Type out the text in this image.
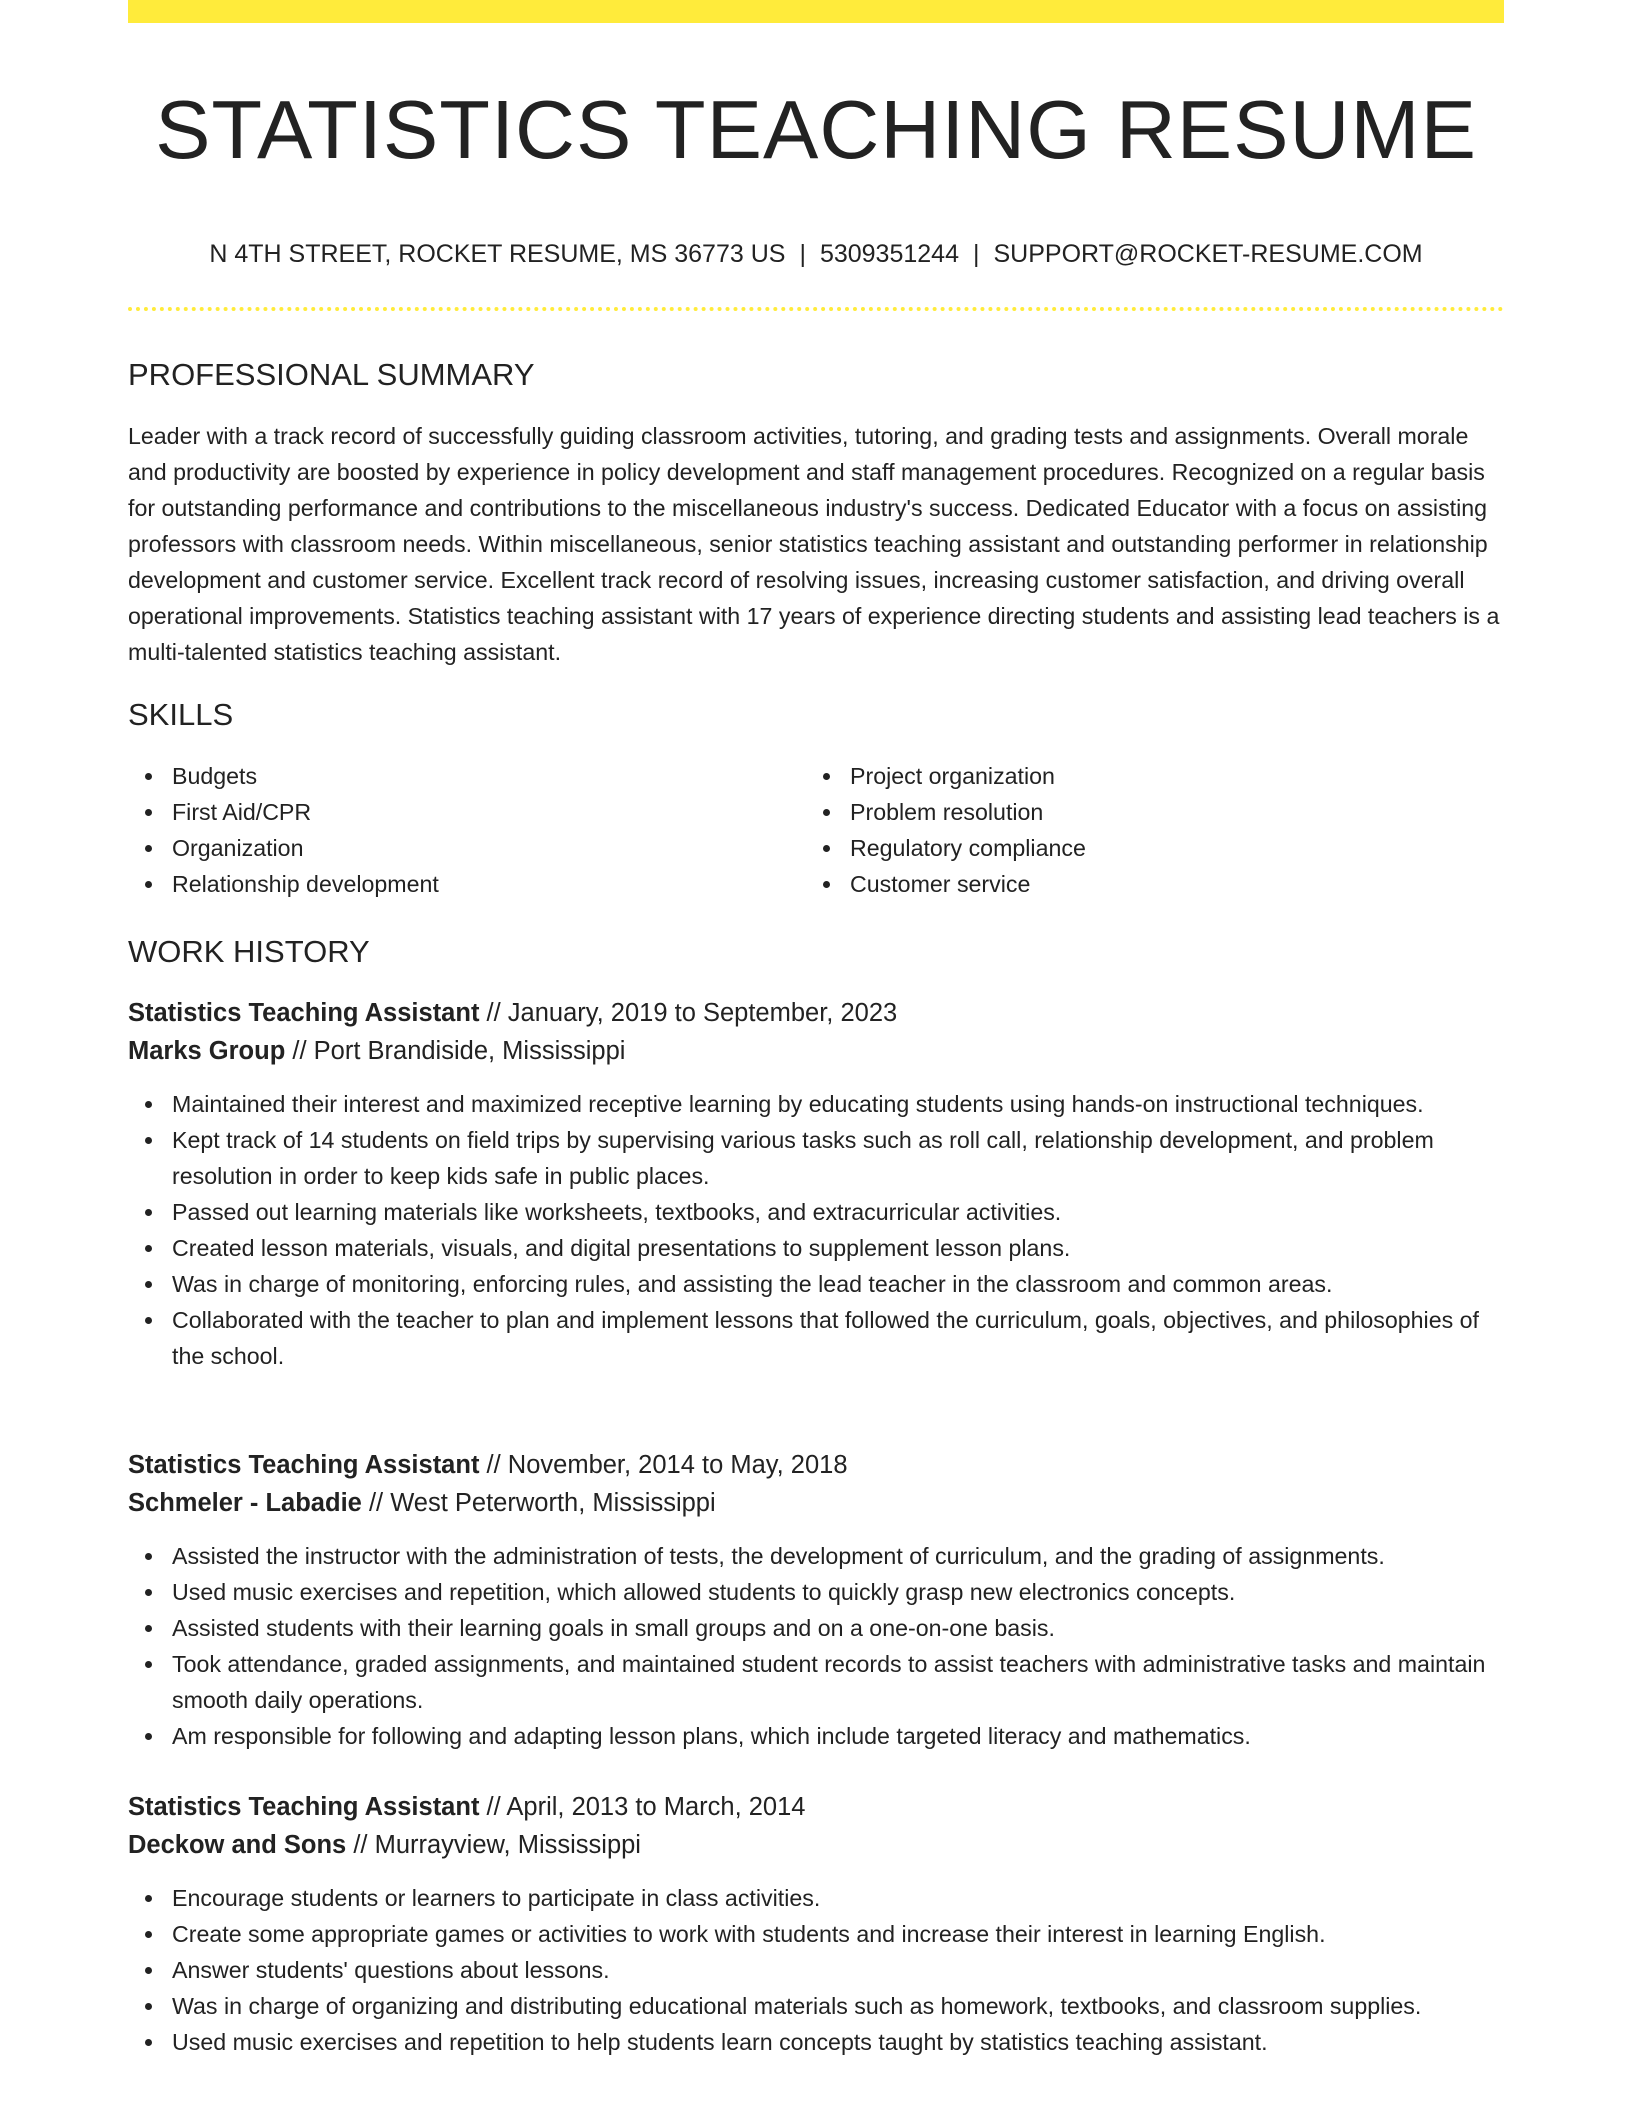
STATISTICS TEACHING RESUME
N 4TH STREET, ROCKET RESUME, MS 36773 US | 5309351244 | SUPPORT@ROCKET-RESUME.COM
PROFESSIONAL SUMMARY

Leader with a track record of successfully guiding classroom activities, tutoring, and grading tests and assignments. Overall morale and productivity are boosted by experience in policy development and staff management procedures. Recognized on a regular basis for outstanding performance and contributions to the miscellaneous industry's success. Dedicated Educator with a focus on assisting professors with classroom needs. Within miscellaneous, senior statistics teaching assistant and outstanding performer in relationship development and customer service. Excellent track record of resolving issues, increasing customer satisfaction, and driving overall operational improvements. Statistics teaching assistant with 17 years of experience directing students and assisting lead teachers is a multi-talented statistics teaching assistant.

SKILLS
Budgets
First Aid/CPR
Organization
Relationship development
Project organization
Problem resolution
Regulatory compliance
Customer service
WORK HISTORY
Statistics Teaching Assistant // January, 2019 to September, 2023
Marks Group // Port Brandiside, Mississippi
Maintained their interest and maximized receptive learning by educating students using hands-on instructional techniques.
Kept track of 14 students on field trips by supervising various tasks such as roll call, relationship development, and problem resolution in order to keep kids safe in public places.
Passed out learning materials like worksheets, textbooks, and extracurricular activities.
Created lesson materials, visuals, and digital presentations to supplement lesson plans.
Was in charge of monitoring, enforcing rules, and assisting the lead teacher in the classroom and common areas.
Collaborated with the teacher to plan and implement lessons that followed the curriculum, goals, objectives, and philosophies of the school.
Statistics Teaching Assistant // November, 2014 to May, 2018
Schmeler - Labadie // West Peterworth, Mississippi
Assisted the instructor with the administration of tests, the development of curriculum, and the grading of assignments.
Used music exercises and repetition, which allowed students to quickly grasp new electronics concepts.
Assisted students with their learning goals in small groups and on a one-on-one basis.
Took attendance, graded assignments, and maintained student records to assist teachers with administrative tasks and maintain smooth daily operations.
Am responsible for following and adapting lesson plans, which include targeted literacy and mathematics.
Statistics Teaching Assistant // April, 2013 to March, 2014
Deckow and Sons // Murrayview, Mississippi
Encourage students or learners to participate in class activities.
Create some appropriate games or activities to work with students and increase their interest in learning English.
Answer students' questions about lessons.
Was in charge of organizing and distributing educational materials such as homework, textbooks, and classroom supplies.
Used music exercises and repetition to help students learn concepts taught by statistics teaching assistant.
